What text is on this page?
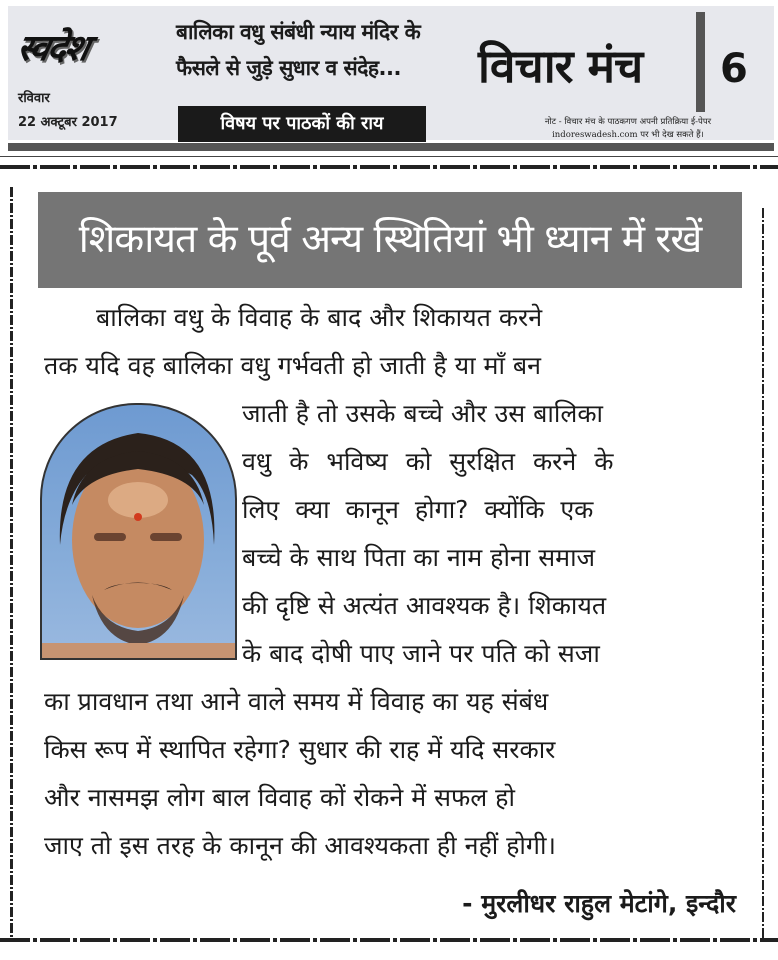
स्वदेश
रविवार
22 अक्टूबर 2017
बालिका वधु संबंधी न्याय मंदिर के
फैसले से जुड़े सुधार व संदेह...
विषय पर पाठकों की राय
विचार मंच 6
नोट - विचार मंच के पाठकगण अपनी प्रतिक्रिया ई-पेपर
indoreswadesh.com पर भी देख सकते हैं।
शिकायत के पूर्व अन्य स्थितियां भी ध्यान में रखें
बालिका वधु के विवाह के बाद और शिकायत करने
तक यदि वह बालिका वधु गर्भवती हो जाती है या माँ बन
जाती है तो उसके बच्चे और उस बालिका
वधु के भविष्य को सुरक्षित करने के
लिए क्या कानून होगा? क्योंकि एक
बच्चे के साथ पिता का नाम होना समाज
की दृष्टि से अत्यंत आवश्यक है। शिकायत
के बाद दोषी पाए जाने पर पति को सजा
का प्रावधान तथा आने वाले समय में विवाह का यह संबंध
किस रूप में स्थापित रहेगा? सुधार की राह में यदि सरकार
और नासमझ लोग बाल विवाह कों रोकने में सफल हो
जाए तो इस तरह के कानून की आवश्यकता ही नहीं होगी।
- मुरलीधर राहुल मेटांगे, इन्दौर
